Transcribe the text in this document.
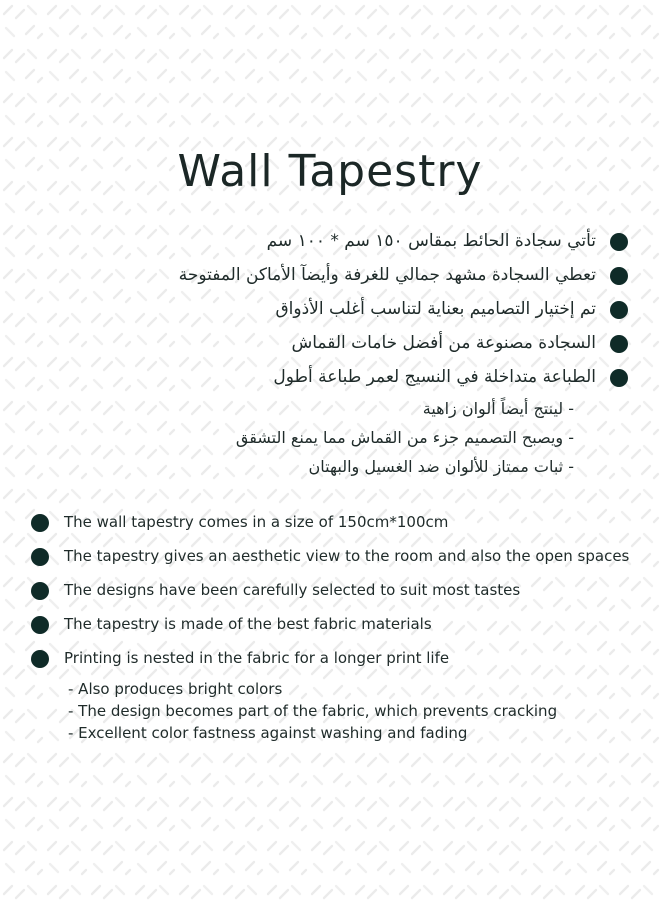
Wall Tapestry
تأتي سجادة الحائط بمقاس ١٥٠ سم * ١٠٠ سم
تعطي السجادة مشهد جمالي للغرفة وأيضآ الأماكن المفتوحة
تم إختيار التصاميم بعناية لتناسب أغلب الأذواق
السجادة مصنوعة من أفضل خامات القماش
الطباعة متداخلة في النسيج لعمر طباعة أطول
- لينتج أيضاً ألوان زاهية
- ويصبح التصميم جزء من القماش مما يمنع التشقق
- ثبات ممتاز للألوان ضد الغسيل والبهتان
The wall tapestry comes in a size of 150cm*100cm
The tapestry gives an aesthetic view to the room and also the open spaces
The designs have been carefully selected to suit most tastes
The tapestry is made of the best fabric materials
Printing is nested in the fabric for a longer print life
- Also produces bright colors
- The design becomes part of the fabric, which prevents cracking
- Excellent color fastness against washing and fading
